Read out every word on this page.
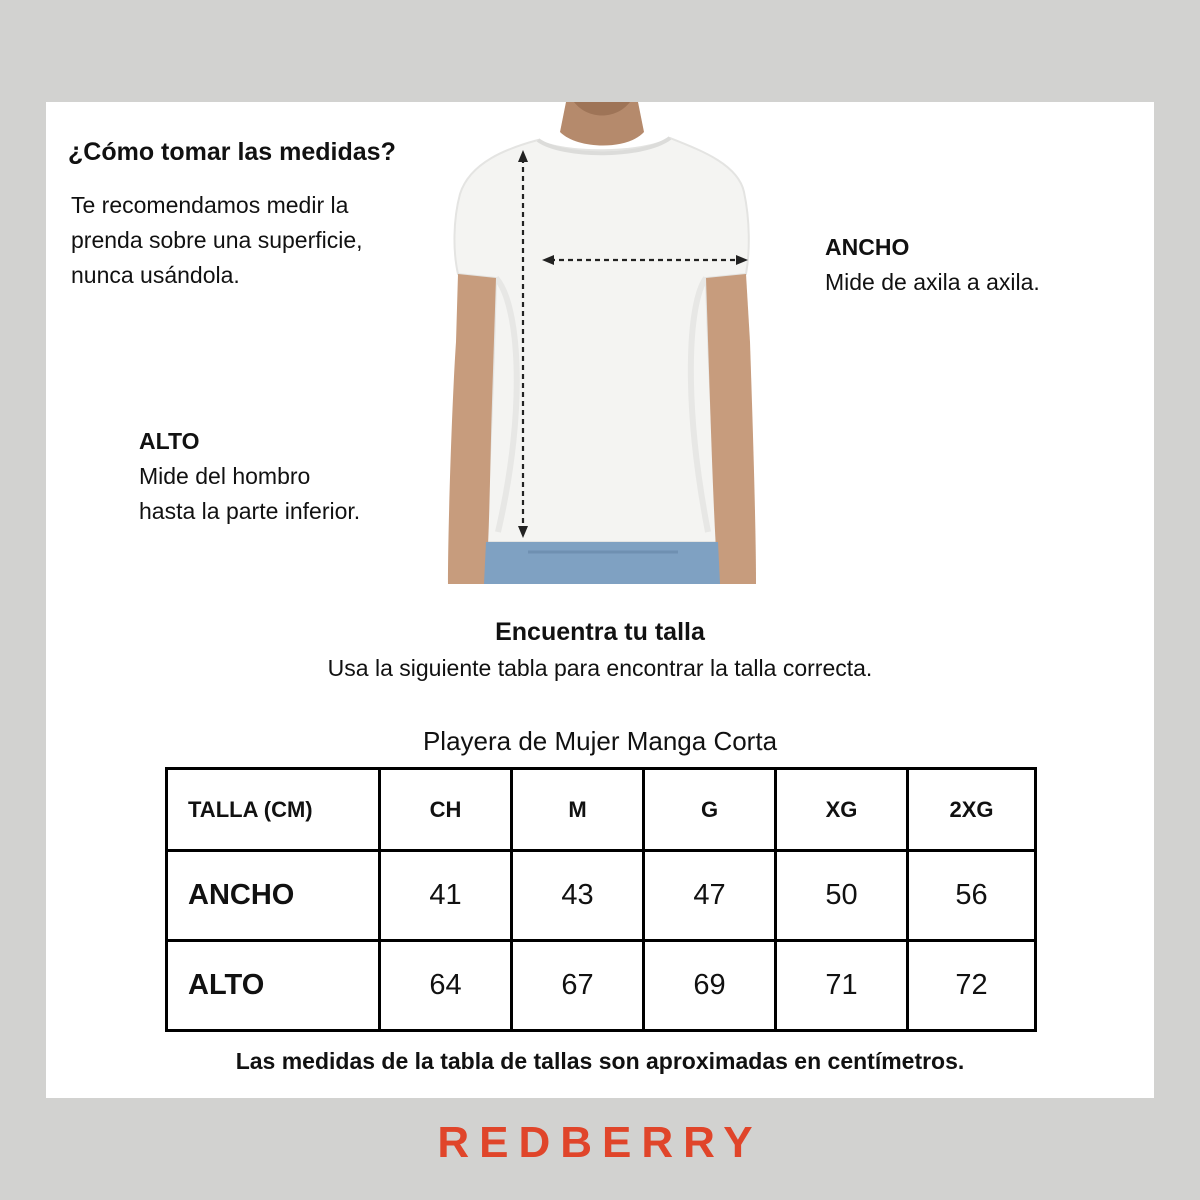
¿Cómo tomar las medidas?
Te recomendamos medir la
prenda sobre una superficie,
nunca usándola.
ANCHO
Mide de axila a axila.
ALTO
Mide del hombro
hasta la parte inferior.
Encuentra tu talla
Usa la siguiente tabla para encontrar la talla correcta.
Playera de Mujer Manga Corta
TALLA (CM)	CH	M	G	XG	2XG
ANCHO	41	43	47	50	56
ALTO	64	67	69	71	72
Las medidas de la tabla de tallas son aproximadas en centímetros.
REDBERRY
